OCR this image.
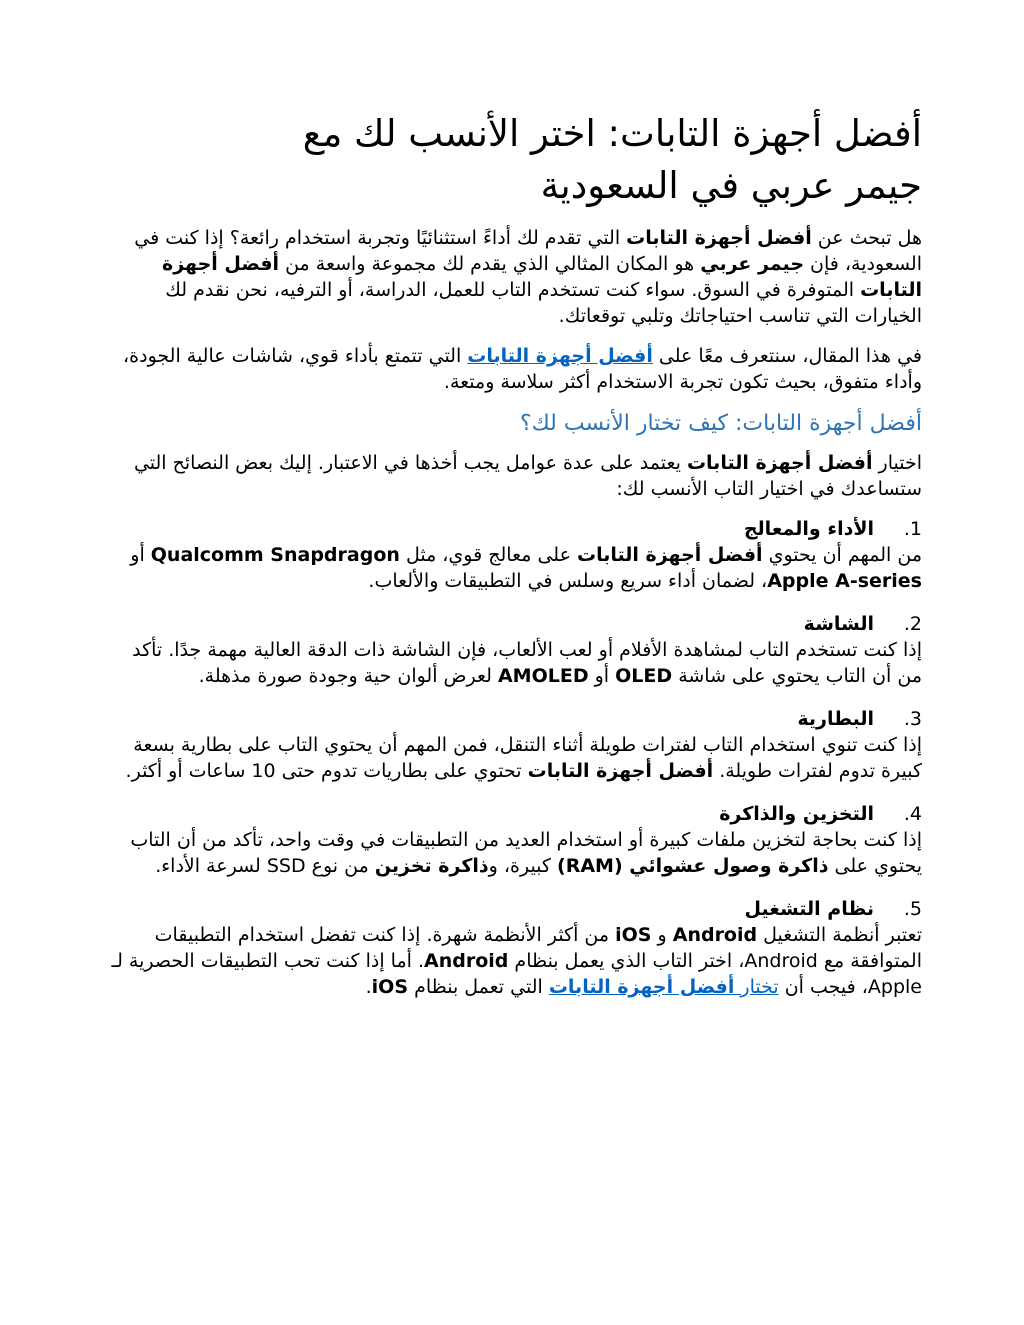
أفضل أجهزة التابات: اختر الأنسب لك مع
جيمر عربي في السعودية

هل تبحث عن أفضل أجهزة التابات التي تقدم لك أداءً استثنائيًا وتجربة استخدام رائعة؟ إذا كنت في السعودية، فإن جيمر عربي هو المكان المثالي الذي يقدم لك مجموعة واسعة من أفضل أجهزة التابات المتوفرة في السوق. سواء كنت تستخدم التاب للعمل، الدراسة، أو الترفيه، نحن نقدم لك الخيارات التي تناسب احتياجاتك وتلبي توقعاتك.

في هذا المقال، سنتعرف معًا على أفضل أجهزة التابات التي تتمتع بأداء قوي، شاشات عالية الجودة، وأداء متفوق، بحيث تكون تجربة الاستخدام أكثر سلاسة ومتعة.

أفضل أجهزة التابات: كيف تختار الأنسب لك؟

اختيار أفضل أجهزة التابات يعتمد على عدة عوامل يجب أخذها في الاعتبار. إليك بعض النصائح التي ستساعدك في اختيار التاب الأنسب لك:

1.
الأداء والمعالج
من المهم أن يحتوي أفضل أجهزة التابات على معالج قوي، مثل Qualcomm Snapdragon أو Apple A-series، لضمان أداء سريع وسلس في التطبيقات والألعاب.
2.
الشاشة
إذا كنت تستخدم التاب لمشاهدة الأفلام أو لعب الألعاب، فإن الشاشة ذات الدقة العالية مهمة جدًا. تأكد من أن التاب يحتوي على شاشة OLED أو AMOLED لعرض ألوان حية وجودة صورة مذهلة.
3.
البطارية
إذا كنت تنوي استخدام التاب لفترات طويلة أثناء التنقل، فمن المهم أن يحتوي التاب على بطارية بسعة كبيرة تدوم لفترات طويلة. أفضل أجهزة التابات تحتوي على بطاريات تدوم حتى 10 ساعات أو أكثر.
4.
التخزين والذاكرة
إذا كنت بحاجة لتخزين ملفات كبيرة أو استخدام العديد من التطبيقات في وقت واحد، تأكد من أن التاب يحتوي على ذاكرة وصول عشوائي (RAM) كبيرة، وذاكرة تخزين من نوع SSD لسرعة الأداء.
5.
نظام التشغيل
تعتبر أنظمة التشغيل Android و iOS من أكثر الأنظمة شهرة. إذا كنت تفضل استخدام التطبيقات المتوافقة مع Android، اختر التاب الذي يعمل بنظام Android. أما إذا كنت تحب التطبيقات الحصرية لـ Apple، فيجب أن تختار أفضل أجهزة التابات التي تعمل بنظام iOS.
